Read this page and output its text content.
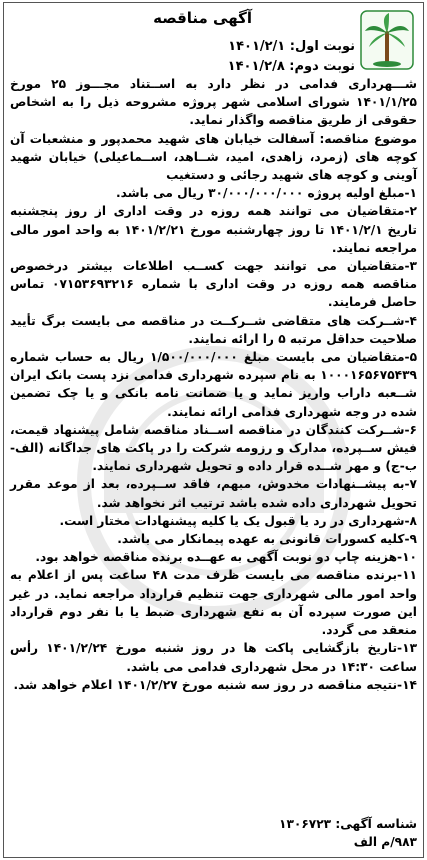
آگهی مناقصه
نوبت اول: ۱۴۰۱/۲/۱
نوبت دوم: ۱۴۰۱/۲/۸

شـــهرداری فدامی در نظر دارد به اســتناد مجـــوز ۲۵ مورخ ۱۴۰۱/۱/۲۵ شورای اسلامی شهر پروژه مشروحه ذیل را به اشخاص حقوقی از طریق مناقصه واگذار نماید.

موضوع مناقصه: آسفالت خیابان های شهید محمدپور و منشعبات آن کوچه های (زمرد، زاهدی، امید، شــاهد، اســماعیلی) خیابان شهید آوینی و کوچه های شهید رجائی و دستغیب

۱-مبلغ اولیه پروژه ۳۰/۰۰۰/۰۰۰/۰۰۰ ریال می باشد.

۲-متقاضیان می توانند همه روزه در وقت اداری از روز پنجشنبه تاریخ ۱۴۰۱/۲/۱ تا روز چهارشنبه مورخ ۱۴۰۱/۲/۲۱ به واحد امور مالی مراجعه نمایند.

۳-متقاضیان می توانند جهت کســب اطلاعات بیشتر درخصوص مناقصه همه روزه در وقت اداری با شماره ۰۷۱۵۳۶۹۳۲۱۶ تماس حاصل فرمایند.

۴-شــرکت های متقاضی شــرکــت در مناقصه می بایست برگ تأیید صلاحیت حداقل مرتبه ۵ را ارائه نمایند.

۵-متقاضیان می بایست مبلغ ۱/۵۰۰/۰۰۰/۰۰۰ ریال به حساب شماره ۱۰۰۰۱۶۵۶۷۵۴۳۹ به نام سپرده شهرداری فدامی نزد پست بانک ایران شــعبه داراب واریز نماید و یا ضمانت نامه بانکی و یا چک تضمین شده در وجه شهرداری فدامی ارائه نمایند.

۶-شــرکت کنندگان در مناقصه اســناد مناقصه شامل پیشنهاد قیمت، فیش ســپرده، مدارک و رزومه شرکت را در پاکت های جداگانه (الف-ب-ج) و مهر شــده قرار داده و تحویل شهرداری نمایند.

۷-به پیشــنهادات مخدوش، مبهم، فاقد ســپرده، بعد از موعد مقرر تحویل شهرداری داده شده باشد ترتیب اثر نخواهد شد.

۸-شهرداری در رد یا قبول یک یا کلیه پیشنهادات مختار است.

۹-کلیه کسورات قانونی به عهده پیمانکار می باشد.

۱۰-هزینه چاپ دو نوبت آگهی به عهــده برنده مناقصه خواهد بود.

۱۱-برنده مناقصه می بایست ظرف مدت ۴۸ ساعت پس از اعلام به واحد امور مالی شهرداری جهت تنظیم قرارداد مراجعه نماید. در غیر این صورت سپرده آن به نفع شهرداری ضبط یا با نفر دوم قرارداد منعقد می گردد.

۱۳-تاریخ بازگشایی پاکت ها در روز شنبه مورخ ۱۴۰۱/۲/۲۴ رأس ساعت ۱۴:۳۰ در محل شهرداری فدامی می باشد.

۱۴-نتیجه مناقصه در روز سه شنبه مورخ ۱۴۰۱/۲/۲۷ اعلام خواهد شد.

شناسه آگهی: ۱۳۰۶۷۲۳
۹۸۳/م الف
